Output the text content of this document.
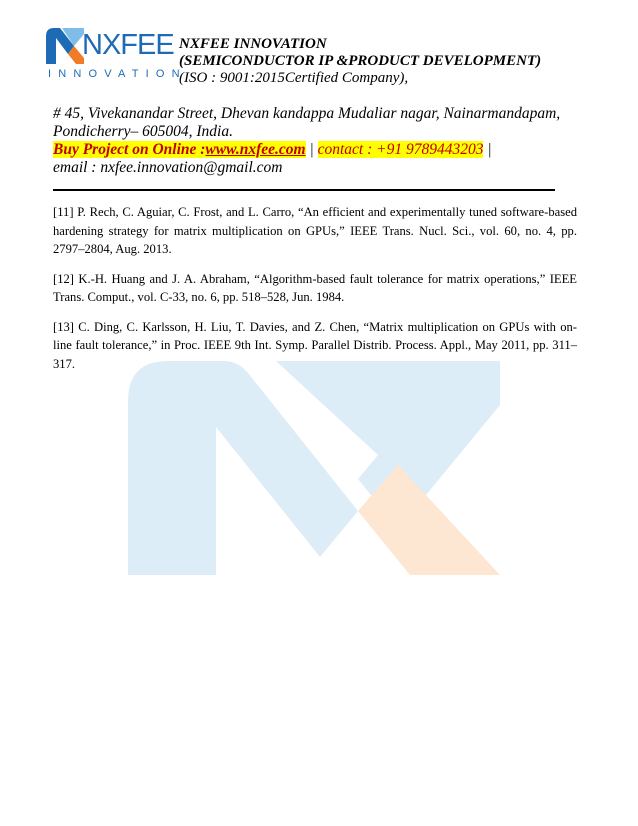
NXFEE
INNOVATION
NXFEE INNOVATION
(SEMICONDUCTOR IP &PRODUCT DEVELOPMENT)
(ISO : 9001:2015Certified Company),
# 45, Vivekanandar Street, Dhevan kandappa Mudaliar nagar, Nainarmandapam,
Pondicherry– 605004, India.
Buy Project on Online :www.nxfee.com | contact : +91 9789443203 |
email : nxfee.innovation@gmail.com

[11] P. Rech, C. Aguiar, C. Frost, and L. Carro, “An efficient and experimentally tuned software-based hardening strategy for matrix multiplication on GPUs,” IEEE Trans. Nucl. Sci., vol. 60, no. 4, pp. 2797–2804, Aug. 2013.

[12] K.-H. Huang and J. A. Abraham, “Algorithm-based fault tolerance for matrix operations,” IEEE Trans. Comput., vol. C-33, no. 6, pp. 518–528, Jun. 1984.

[13] C. Ding, C. Karlsson, H. Liu, T. Davies, and Z. Chen, “Matrix multiplication on GPUs with on-line fault tolerance,” in Proc. IEEE 9th Int. Symp. Parallel Distrib. Process. Appl., May 2011, pp. 311–317.
